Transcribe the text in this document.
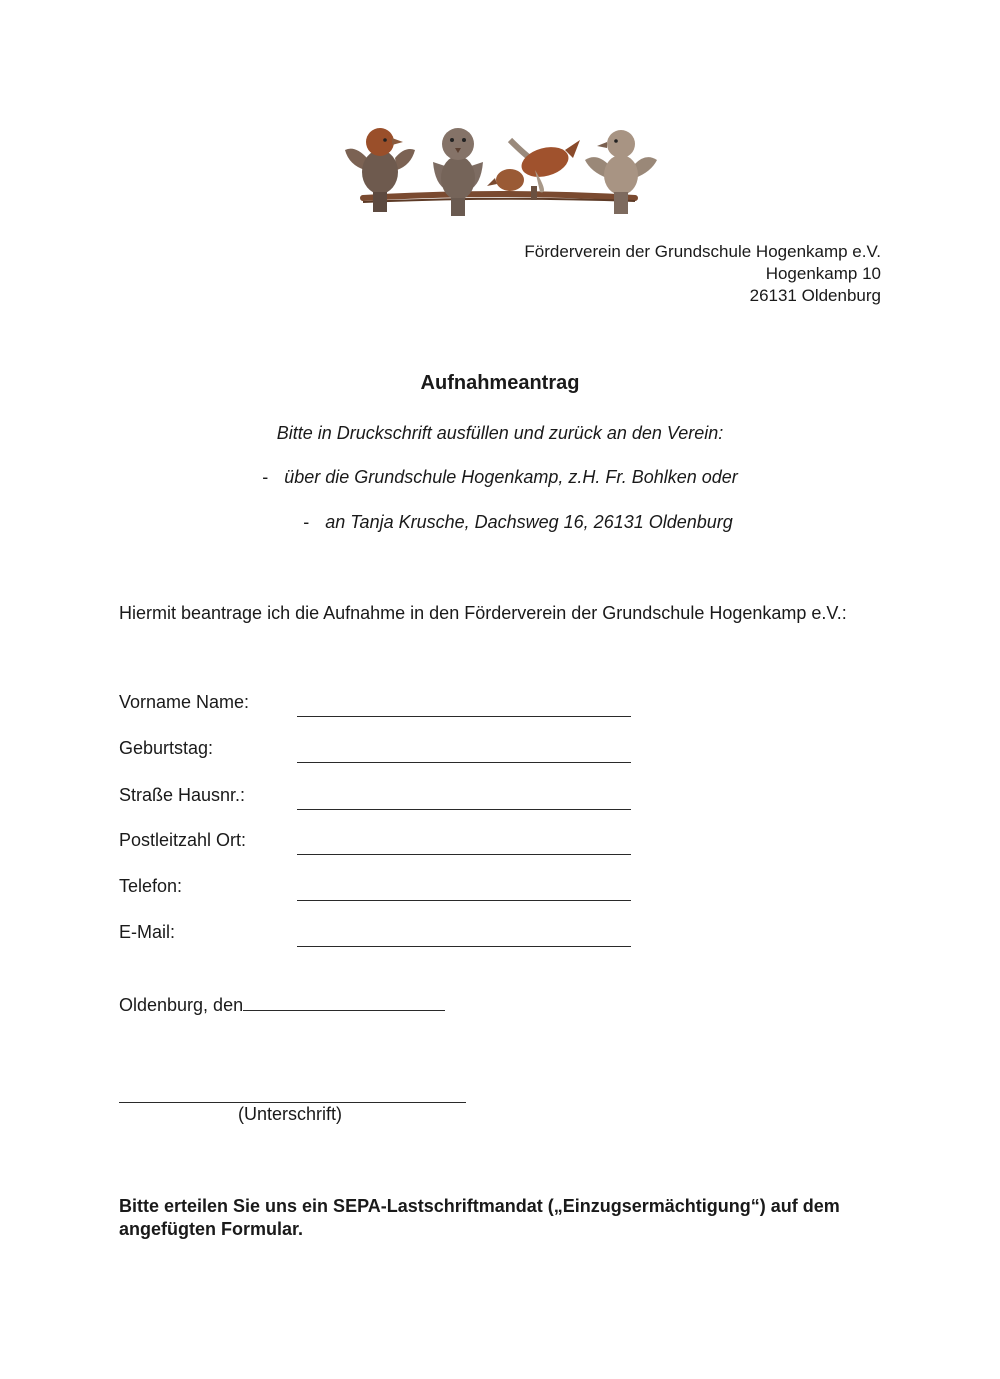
Förderverein der Grundschule Hogenkamp e.V.
Hogenkamp 10
26131 Oldenburg
Aufnahmeantrag
Bitte in Druckschrift ausfüllen und zurück an den Verein:
- über die Grundschule Hogenkamp, z.H. Fr. Bohlken oder
- an Tanja Krusche, Dachsweg 16, 26131 Oldenburg
Hiermit beantrage ich die Aufnahme in den Förderverein der Grundschule Hogenkamp e.V.:
Vorname Name:
Geburtstag:
Straße Hausnr.:
Postleitzahl Ort:
Telefon:
E-Mail:
Oldenburg, den
(Unterschrift)
Bitte erteilen Sie uns ein SEPA-Lastschriftmandat („Einzugsermächtigung“) auf dem angefügten Formular.
